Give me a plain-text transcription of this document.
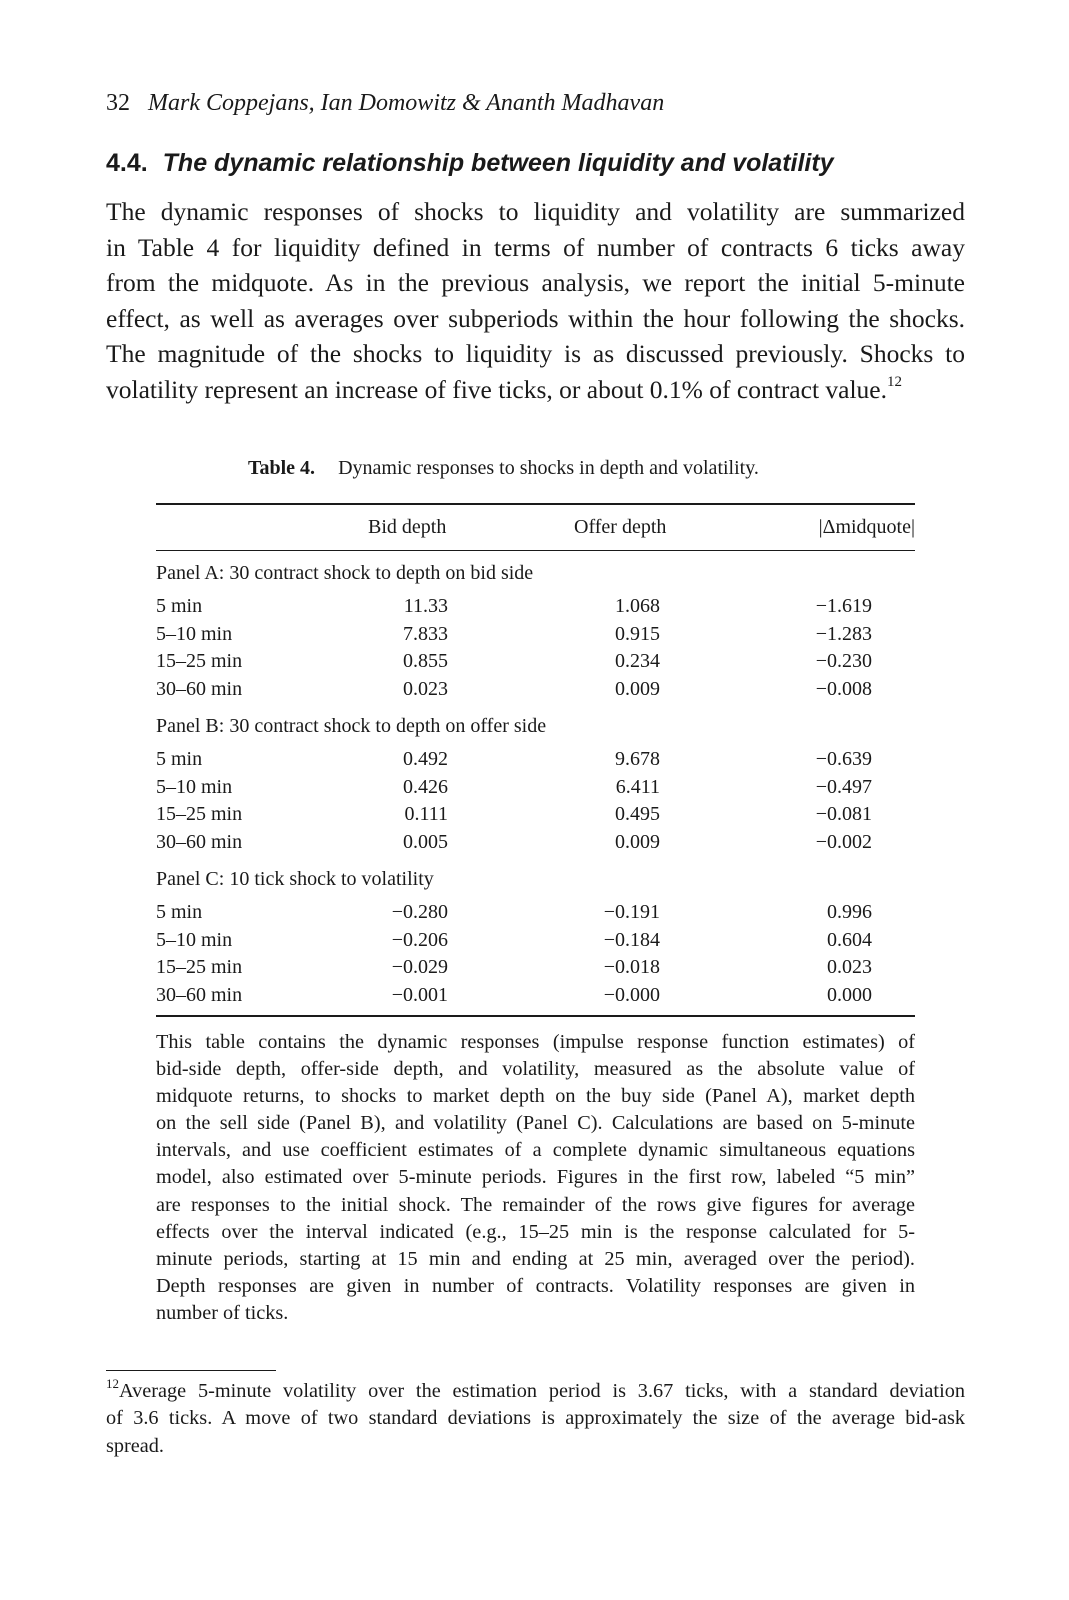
32 Mark Coppejans, Ian Domowitz & Ananth Madhavan
4.4. The dynamic relationship between liquidity and volatility
The dynamic responses of shocks to liquidity and volatility are summarized
in Table 4 for liquidity defined in terms of number of contracts 6 ticks away
from the midquote. As in the previous analysis, we report the initial 5-minute
effect, as well as averages over subperiods within the hour following the shocks.
The magnitude of the shocks to liquidity is as discussed previously. Shocks to
volatility represent an increase of five ticks, or about 0.1% of contract value.$^{12}$
Table 4. Dynamic responses to shocks in depth and volatility.
Bid depth	Offer depth	|Δmidquote|
Panel A: 30 contract shock to depth on bid side
5 min	11.33	1.068	−1.619
5–10 min	7.833	0.915	−1.283
15–25 min	0.855	0.234	−0.230
30–60 min	0.023	0.009	−0.008
Panel B: 30 contract shock to depth on offer side
5 min	0.492	9.678	−0.639
5–10 min	0.426	6.411	−0.497
15–25 min	0.111	0.495	−0.081
30–60 min	0.005	0.009	−0.002
Panel C: 10 tick shock to volatility
5 min	−0.280	−0.191	0.996
5–10 min	−0.206	−0.184	0.604
15–25 min	−0.029	−0.018	0.023
30–60 min	−0.001	−0.000	0.000
This table contains the dynamic responses (impulse response function estimates) of
bid-side depth, offer-side depth, and volatility, measured as the absolute value of
midquote returns, to shocks to market depth on the buy side (Panel A), market depth
on the sell side (Panel B), and volatility (Panel C). Calculations are based on 5-minute
intervals, and use coefficient estimates of a complete dynamic simultaneous equations
model, also estimated over 5-minute periods. Figures in the first row, labeled “5 min”
are responses to the initial shock. The remainder of the rows give figures for average
effects over the interval indicated (e.g., 15–25 min is the response calculated for 5-
minute periods, starting at 15 min and ending at 25 min, averaged over the period).
Depth responses are given in number of contracts. Volatility responses are given in
number of ticks.
$^{12}$Average 5-minute volatility over the estimation period is 3.67 ticks, with a standard deviation
of 3.6 ticks. A move of two standard deviations is approximately the size of the average bid-ask
spread.
